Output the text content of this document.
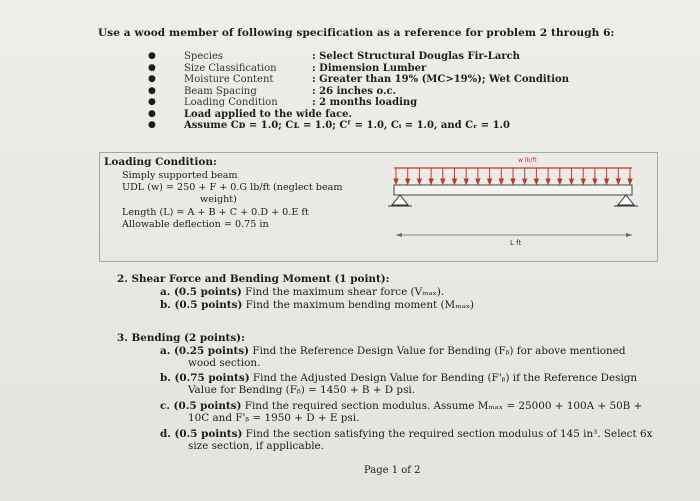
Use a wood member of following specification as a reference for problem 2 through 6:
●	Species	: Select Structural Douglas Fir-Larch
●	Size Classification	: Dimension Lumber
●	Moisture Content	: Greater than 19% (MC>19%); Wet Condition
●	Beam Spacing	: 26 inches o.c.
●	Loading Condition	: 2 months loading
●	Load applied to the wide face.
●	Assume Cᴅ = 1.0; Cʟ = 1.0; Cᶠ = 1.0, Cᵢ = 1.0, and Cᵣ = 1.0
Loading Condition:
Simply supported beam
UDL (w) = 250 + F + 0.G lb/ft (neglect beam
weight)
Length (L) = A + B + C + 0.D + 0.E ft
Allowable deflection = 0.75 in
w lb/ft
L ft
2. Shear Force and Bending Moment (1 point):
a. (0.5 points) Find the maximum shear force (Vₘₐₓ).
b. (0.5 points) Find the maximum bending moment (Mₘₐₓ)
3. Bending (2 points):
a. (0.25 points) Find the Reference Design Value for Bending (Fᵦ) for above mentioned
wood section.
b. (0.75 points) Find the Adjusted Design Value for Bending (F'ᵦ) if the Reference Design
Value for Bending (Fᵦ) = 1450 + B + D psi.
c. (0.5 points) Find the required section modulus. Assume Mₘₐₓ = 25000 + 100A + 50B +
10C and F'ᵦ = 1950 + D + E psi.
d. (0.5 points) Find the section satisfying the required section modulus of 145 in³. Select 6x
size section, if applicable.
Page 1 of 2
